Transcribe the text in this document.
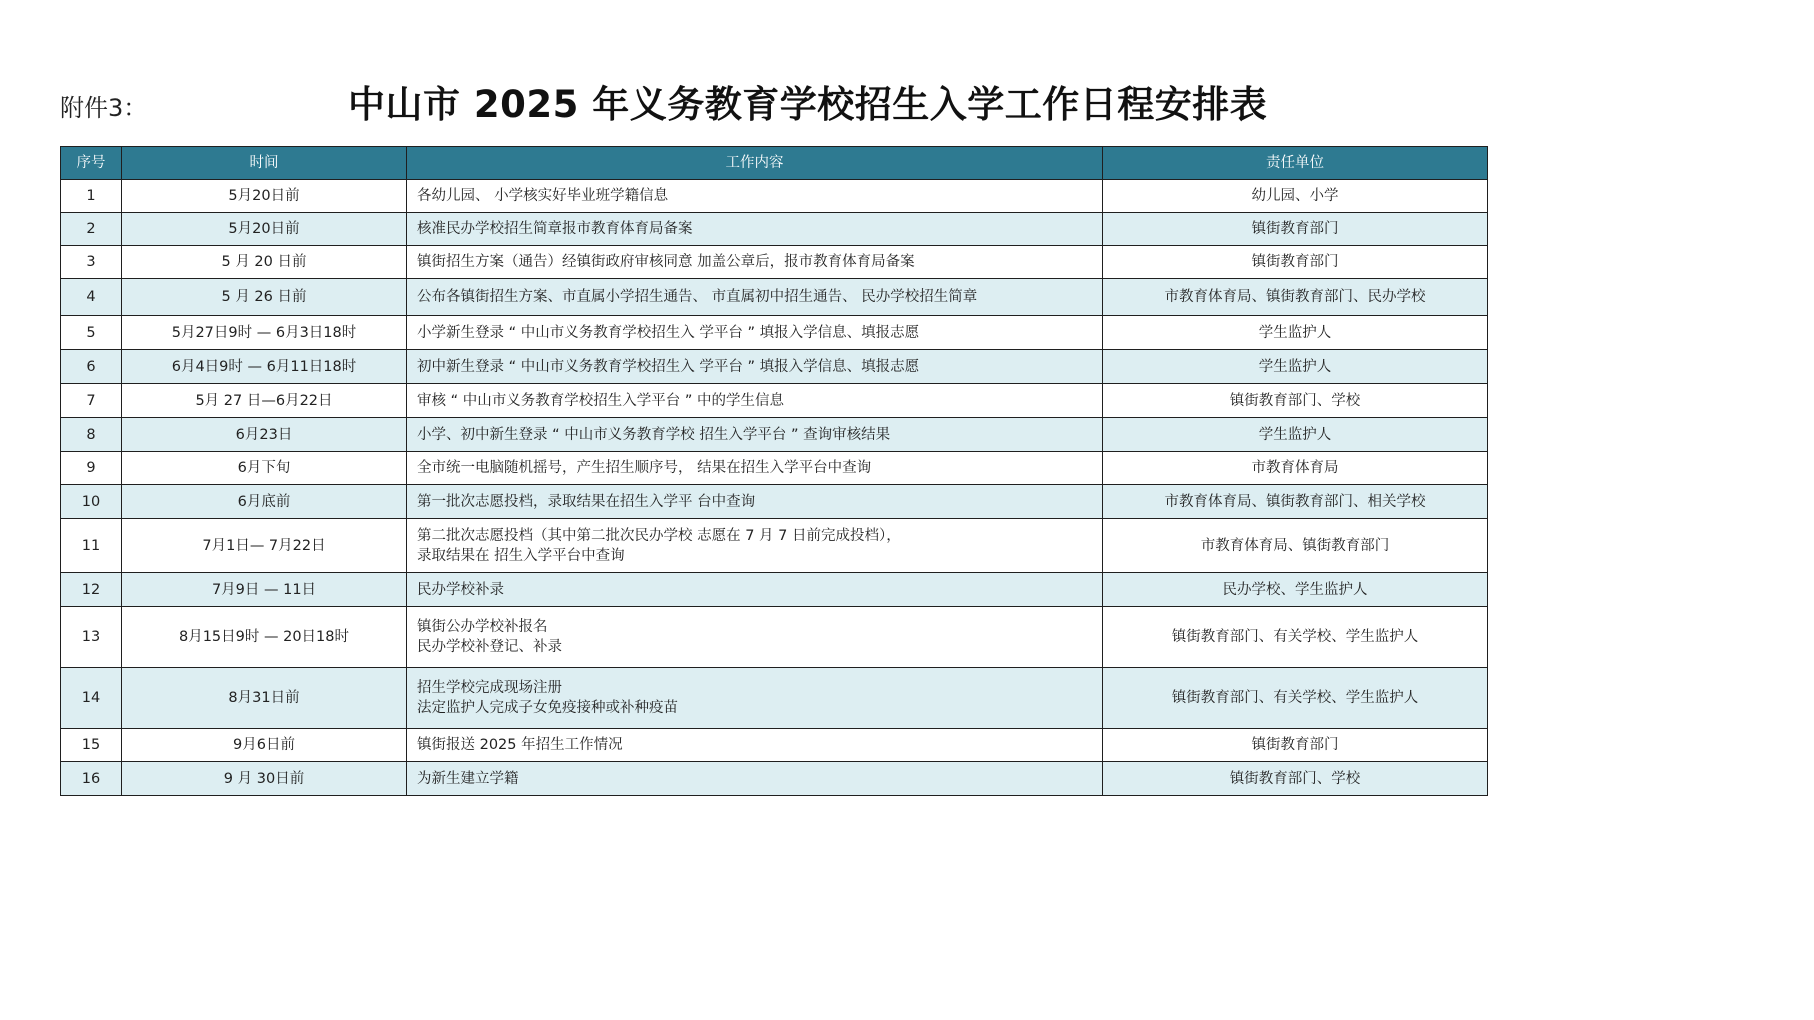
附件3：	中山市 2025 年义务教育学校招生入学工作日程安排表
序号	时间	工作内容	责任单位
1	5月20日前	各幼儿园、 小学核实好毕业班学籍信息	幼儿园、小学
2	5月20日前	核准民办学校招生简章报市教育体育局备案	镇街教育部门
3	5 月 20 日前	镇街招生方案（通告）经镇街政府审核同意 加盖公章后，报市教育体育局备案	镇街教育部门
4	5 月 26 日前	公布各镇街招生方案、市直属小学招生通告、 市直属初中招生通告、 民办学校招生简章	市教育体育局、镇街教育部门、民办学校
5	5月27日9时 — 6月3日18时	小学新生登录 “ 中山市义务教育学校招生入 学平台 ” 填报入学信息、填报志愿	学生监护人
6	6月4日9时 — 6月11日18时	初中新生登录 “ 中山市义务教育学校招生入 学平台 ” 填报入学信息、填报志愿	学生监护人
7	5月 27 日—6月22日	审核 “ 中山市义务教育学校招生入学平台 ” 中的学生信息	镇街教育部门、学校
8	6月23日	小学、初中新生登录 “ 中山市义务教育学校 招生入学平台 ” 查询审核结果	学生监护人
9	6月下旬	全市统一电脑随机摇号，产生招生顺序号， 结果在招生入学平台中查询	市教育体育局
10	6月底前	第一批次志愿投档，录取结果在招生入学平 台中查询	市教育体育局、镇街教育部门、相关学校
11	7月1日— 7月22日	第二批次志愿投档（其中第二批次民办学校 志愿在 7 月 7 日前完成投档），
录取结果在 招生入学平台中查询	市教育体育局、镇街教育部门
12	7月9日 — 11日	民办学校补录	民办学校、学生监护人
13	8月15日9时 — 20日18时	镇街公办学校补报名
民办学校补登记、补录	镇街教育部门、有关学校、学生监护人
14	8月31日前	招生学校完成现场注册
法定监护人完成子女免疫接种或补种疫苗	镇街教育部门、有关学校、学生监护人
15	9月6日前	镇街报送 2025 年招生工作情况	镇街教育部门
16	9 月 30日前	为新生建立学籍	镇街教育部门、学校
